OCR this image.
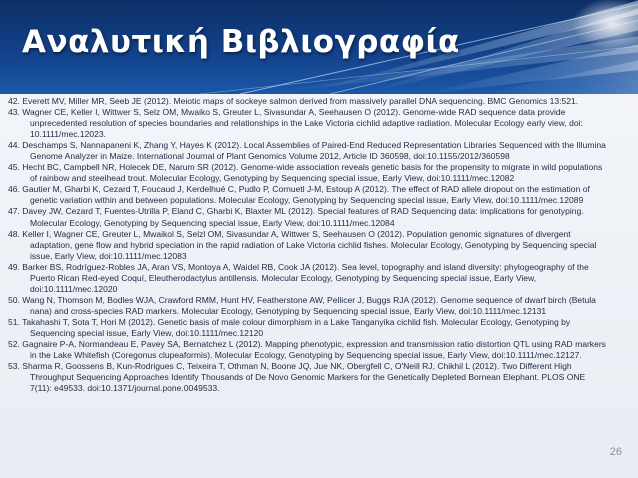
Αναλυτική Βιβλιογραφία
42. Everett MV, Miller MR, Seeb JE (2012). Meiotic maps of sockeye salmon derived from massively parallel DNA sequencing. BMC Genomics 13:521.
43. Wagner CE, Keller I, Wittwer S, Selz OM, Mwaiko S, Greuter L, Sivasundar A, Seehausen O (2012). Genome-wide RAD sequence data provide unprecedented resolution of species boundaries and relationships in the Lake Victoria cichlid adaptive radiation. Molecular Ecology early view, doi: 10.1111/mec.12023.
44. Deschamps S, Nannapaneni K, Zhang Y, Hayes K (2012). Local Assemblies of Paired-End Reduced Representation Libraries Sequenced with the Illumina Genome Analyzer in Maize. International Journal of Plant Genomics Volume 2012, Article ID 360598, doi:10.1155/2012/360598
45. Hecht BC, Campbell NR, Holecek DE, Narum SR (2012). Genome-wide association reveals genetic basis for the propensity to migrate in wild populations of rainbow and steelhead trout. Molecular Ecology, Genotyping by Sequencing special issue, Early View, doi:10.1111/mec.12082
46. Gautier M, Gharbi K, Cezard T, Foucaud J, Kerdelhué C, Pudlo P, Cornuetl J-M, Estoup A (2012). The effect of RAD allele dropout on the estimation of genetic variation within and between populations. Molecular Ecology, Genotyping by Sequencing special issue, Early View, doi:10.1111/mec.12089
47. Davey JW, Cezard T, Fuentes-Utrilla P, Eland C, Gharbi K, Blaxter ML (2012). Special features of RAD Sequencing data: implications for genotyping. Molecular Ecology, Genotyping by Sequencing special issue, Early View, doi:10.1111/mec.12084
48. Keller I, Wagner CE, Greuter L, Mwaikol S, Selzl OM, Sivasundar A, Wittwer S, Seehausen O (2012). Population genomic signatures of divergent adaptation, gene flow and hybrid speciation in the rapid radiation of Lake Victoria cichlid fishes. Molecular Ecology, Genotyping by Sequencing special issue, Early View, doi:10.1111/mec.12083
49. Barker BS, Rodríguez-Robles JA, Aran VS, Montoya A, Waidel RB, Cook JA (2012). Sea level, topography and island diversity: phylogeography of the Puerto Rican Red-eyed Coquí, Eleutherodactylus antillensis. Molecular Ecology, Genotyping by Sequencing special issue, Early View, doi:10.1111/mec.12020
50. Wang N, Thomson M, Bodles WJA, Crawford RMM, Hunt HV, Featherstone AW, Pellicer J, Buggs RJA (2012). Genome sequence of dwarf birch (Betula nana) and cross-species RAD markers. Molecular Ecology, Genotyping by Sequencing special issue, Early View, doi:10.1111/mec.12131
51. Takahashi T, Sota T, Hori M (2012). Genetic basis of male colour dimorphism in a Lake Tanganyika cichlid fish. Molecular Ecology, Genotyping by Sequencing special issue, Early View, doi:10.1111/mec.12120
52. Gagnaire P-A, Normandeau E, Pavey SA, Bernatchez L (2012). Mapping phenotypic, expression and transmission ratio distortion QTL using RAD markers in the Lake Whitefish (Coregonus clupeaformis). Molecular Ecology, Genotyping by Sequencing special issue, Early View, doi:10.1111/mec.12127.
53. Sharma R, Goossens B, Kun-Rodrigues C, Teixeira T, Othman N, Boone JQ, Jue NK, Obergfell C, O'Neill RJ, Chikhil L (2012). Two Different High Throughput Sequencing Approaches Identify Thousands of De Novo Genomic Markers for the Genetically Depleted Bornean Elephant. PLOS ONE 7(11): e49533. doi:10.1371/journal.pone.0049533.
26
